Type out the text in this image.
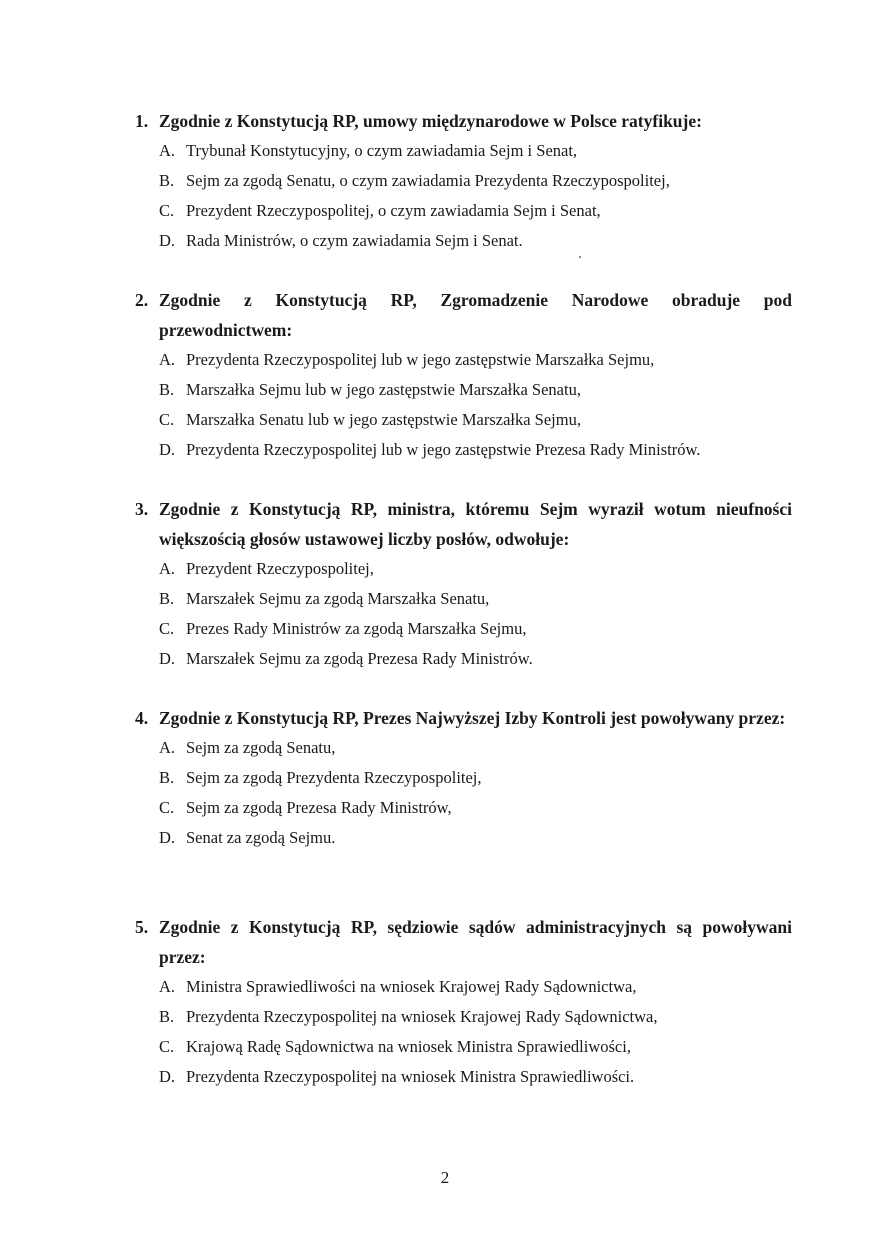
1. Zgodnie z Konstytucją RP, umowy międzynarodowe w Polsce ratyfikuje:
A. Trybunał Konstytucyjny, o czym zawiadamia Sejm i Senat,
B. Sejm za zgodą Senatu, o czym zawiadamia Prezydenta Rzeczypospolitej,
C. Prezydent Rzeczypospolitej, o czym zawiadamia Sejm i Senat,
D. Rada Ministrów, o czym zawiadamia Sejm i Senat.
2. Zgodnie z Konstytucją RP, Zgromadzenie Narodowe obraduje pod przewodnictwem:
A. Prezydenta Rzeczypospolitej lub w jego zastępstwie Marszałka Sejmu,
B. Marszałka Sejmu lub w jego zastępstwie Marszałka Senatu,
C. Marszałka Senatu lub w jego zastępstwie Marszałka Sejmu,
D. Prezydenta Rzeczypospolitej lub w jego zastępstwie Prezesa Rady Ministrów.
3. Zgodnie z Konstytucją RP, ministra, któremu Sejm wyraził wotum nieufności większością głosów ustawowej liczby posłów, odwołuje:
A. Prezydent Rzeczypospolitej,
B. Marszałek Sejmu za zgodą Marszałka Senatu,
C. Prezes Rady Ministrów za zgodą Marszałka Sejmu,
D. Marszałek Sejmu za zgodą Prezesa Rady Ministrów.
4. Zgodnie z Konstytucją RP, Prezes Najwyższej Izby Kontroli jest powoływany przez:
A. Sejm za zgodą Senatu,
B. Sejm za zgodą Prezydenta Rzeczypospolitej,
C. Sejm za zgodą Prezesa Rady Ministrów,
D. Senat za zgodą Sejmu.
5. Zgodnie z Konstytucją RP, sędziowie sądów administracyjnych są powoływani przez:
A. Ministra Sprawiedliwości na wniosek Krajowej Rady Sądownictwa,
B. Prezydenta Rzeczypospolitej na wniosek Krajowej Rady Sądownictwa,
C. Krajową Radę Sądownictwa na wniosek Ministra Sprawiedliwości,
D. Prezydenta Rzeczypospolitej na wniosek Ministra Sprawiedliwości.
2
